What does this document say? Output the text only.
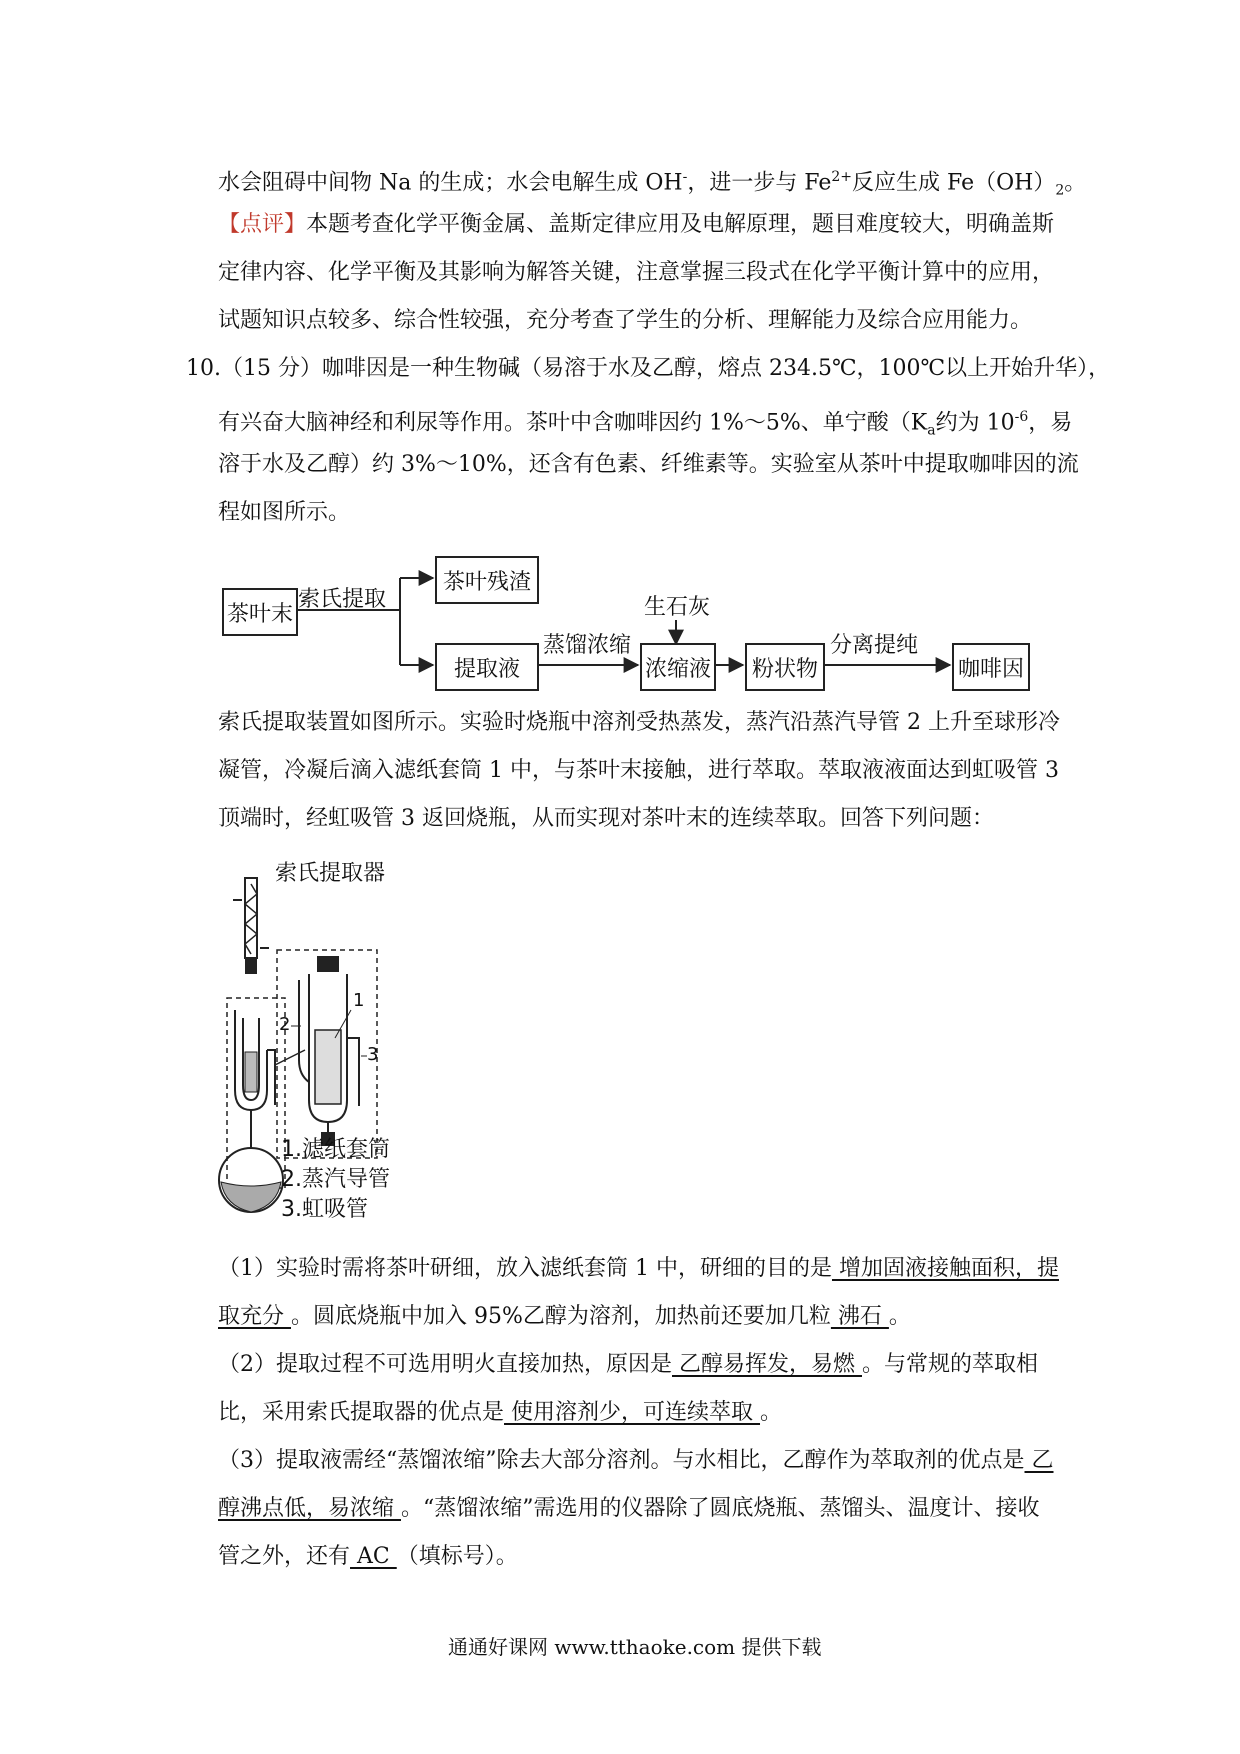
水会阻碍中间物 Na 的生成；水会电解生成 OH-，进一步与 $Fe^{2+}$反应生成 $Fe(OH)_2$。
【点评】本题考查化学平衡金属、盖斯定律应用及电解原理，题目难度较大，明确盖斯
定律内容、化学平衡及其影响为解答关键，注意掌握三段式在化学平衡计算中的应用，
试题知识点较多、综合性较强，充分考查了学生的分析、理解能力及综合应用能力。
10.（15 分）咖啡因是一种生物碱（易溶于水及乙醇，熔点 234.5℃，100℃以上开始升华），
有兴奋大脑神经和利尿等作用。茶叶中含咖啡因约 1%～5%、单宁酸（$K_a$约为 $10^{-6}$，易
溶于水及乙醇）约 3%～10%，还含有色素、纤维素等。实验室从茶叶中提取咖啡因的流
程如图所示。
茶叶末
索氏提取
茶叶残渣
提取液
蒸馏浓缩
生石灰
浓缩液	粉状物
分离提纯
咖啡因
索氏提取装置如图所示。实验时烧瓶中溶剂受热蒸发，蒸汽沿蒸汽导管 2 上升至球形冷
凝管，冷凝后滴入滤纸套筒 1 中，与茶叶末接触，进行萃取。萃取液液面达到虹吸管 3
顶端时，经虹吸管 3 返回烧瓶，从而实现对茶叶末的连续萃取。回答下列问题：
索氏提取器
1
2
3
1.滤纸套筒
2.蒸汽导管
3.虹吸管
（1）实验时需将茶叶研细，放入滤纸套筒 1 中，研细的目的是 增加固液接触面积，提
取充分 。圆底烧瓶中加入 95%乙醇为溶剂，加热前还要加几粒 沸石 。
（2）提取过程不可选用明火直接加热，原因是 乙醇易挥发，易燃 。与常规的萃取相
比，采用索氏提取器的优点是 使用溶剂少，可连续萃取 。
（3）提取液需经“蒸馏浓缩”除去大部分溶剂。与水相比，乙醇作为萃取剂的优点是 乙
醇沸点低，易浓缩 。“蒸馏浓缩”需选用的仪器除了圆底烧瓶、蒸馏头、温度计、接收
管之外，还有 AC （填标号）。
通通好课网 www.tthaoke.com 提供下载
